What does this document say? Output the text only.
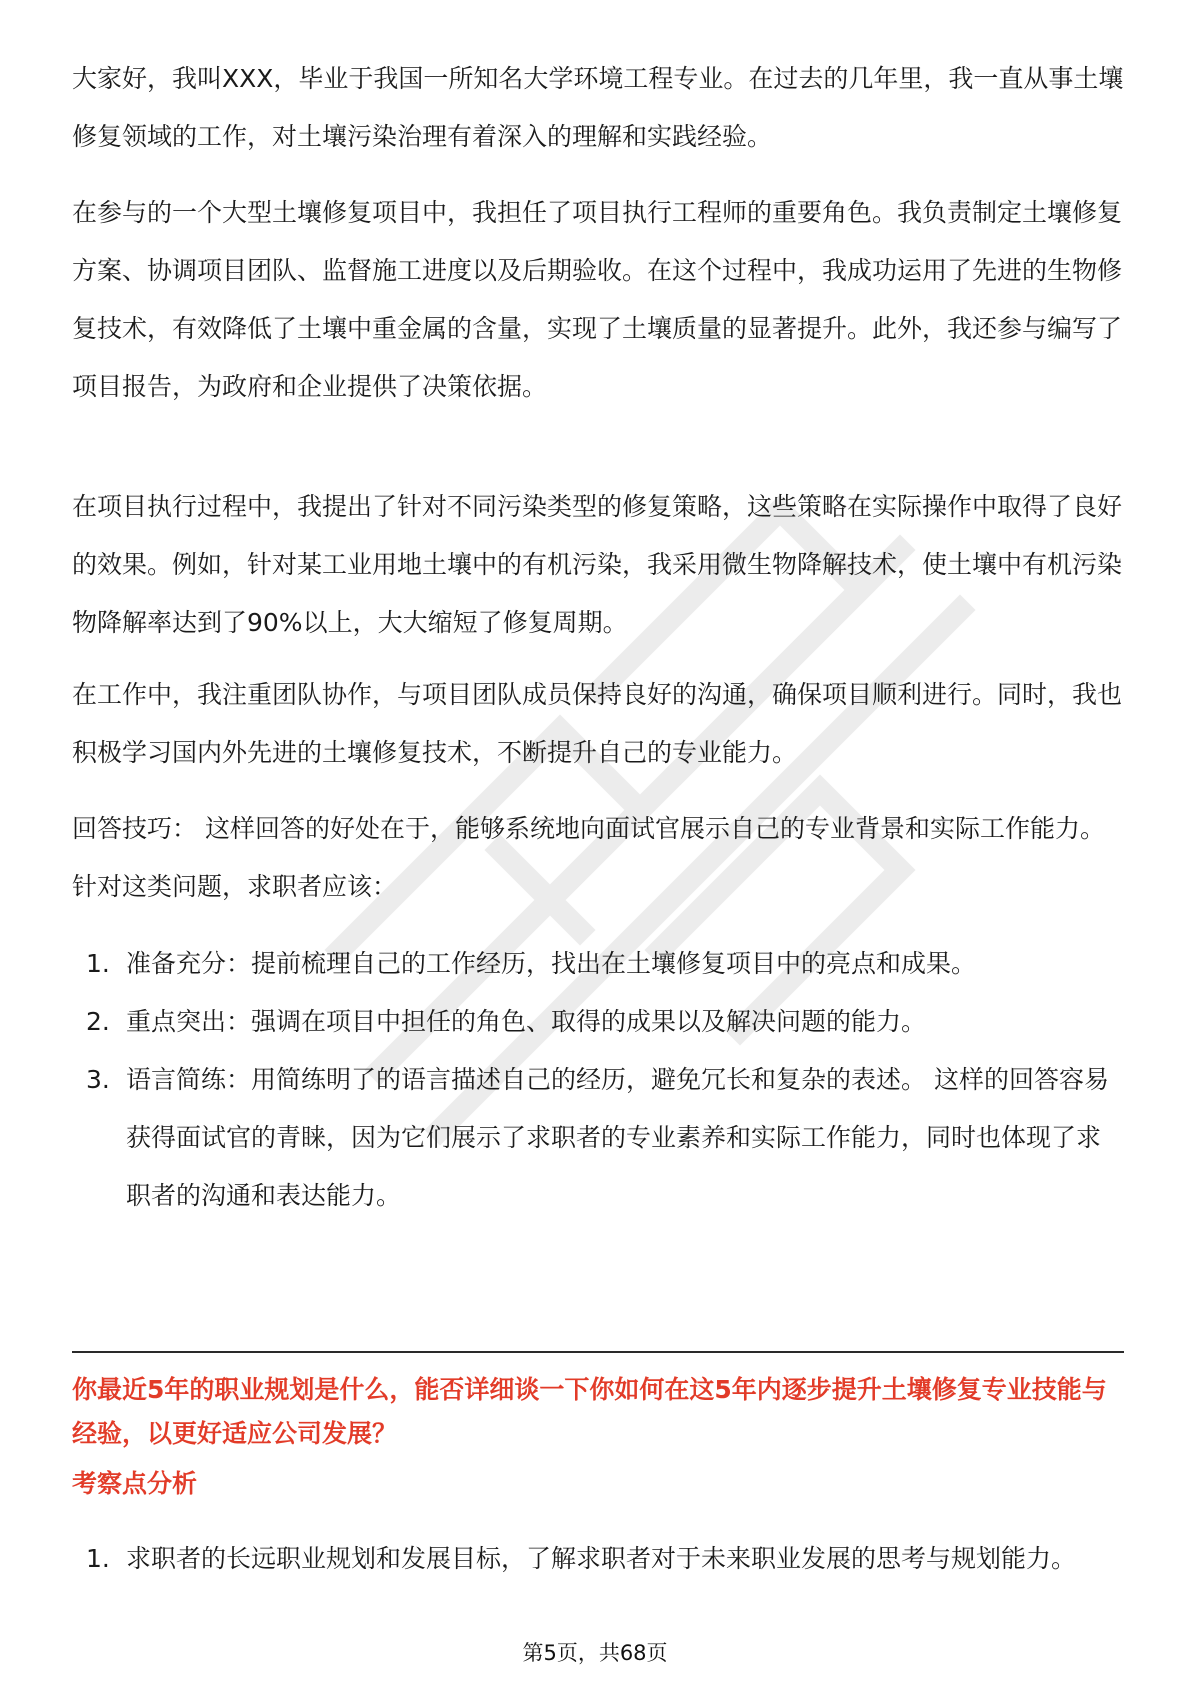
大家好，我叫XXX，毕业于我国一所知名大学环境工程专业。在过去的几年里，我一直从事土壤修复领域的工作，对土壤污染治理有着深入的理解和实践经验。

在参与的一个大型土壤修复项目中，我担任了项目执行工程师的重要角色。我负责制定土壤修复方案、协调项目团队、监督施工进度以及后期验收。在这个过程中，我成功运用了先进的生物修复技术，有效降低了土壤中重金属的含量，实现了土壤质量的显著提升。此外，我还参与编写了项目报告，为政府和企业提供了决策依据。

在项目执行过程中，我提出了针对不同污染类型的修复策略，这些策略在实际操作中取得了良好的效果。例如，针对某工业用地土壤中的有机污染，我采用微生物降解技术，使土壤中有机污染物降解率达到了90%以上，大大缩短了修复周期。

在工作中，我注重团队协作，与项目团队成员保持良好的沟通，确保项目顺利进行。同时，我也积极学习国内外先进的土壤修复技术，不断提升自己的专业能力。

回答技巧： 这样回答的好处在于，能够系统地向面试官展示自己的专业背景和实际工作能力。针对这类问题，求职者应该：

1. 准备充分：提前梳理自己的工作经历，找出在土壤修复项目中的亮点和成果。
2. 重点突出：强调在项目中担任的角色、取得的成果以及解决问题的能力。
3. 语言简练：用简练明了的语言描述自己的经历，避免冗长和复杂的表述。 这样的回答容易获得面试官的青睐，因为它们展示了求职者的专业素养和实际工作能力，同时也体现了求职者的沟通和表达能力。

你最近5年的职业规划是什么，能否详细谈一下你如何在这5年内逐步提升土壤修复专业技能与经验，以更好适应公司发展？

考察点分析

1. 求职者的长远职业规划和发展目标，了解求职者对于未来职业发展的思考与规划能力。
第5页，共68页
